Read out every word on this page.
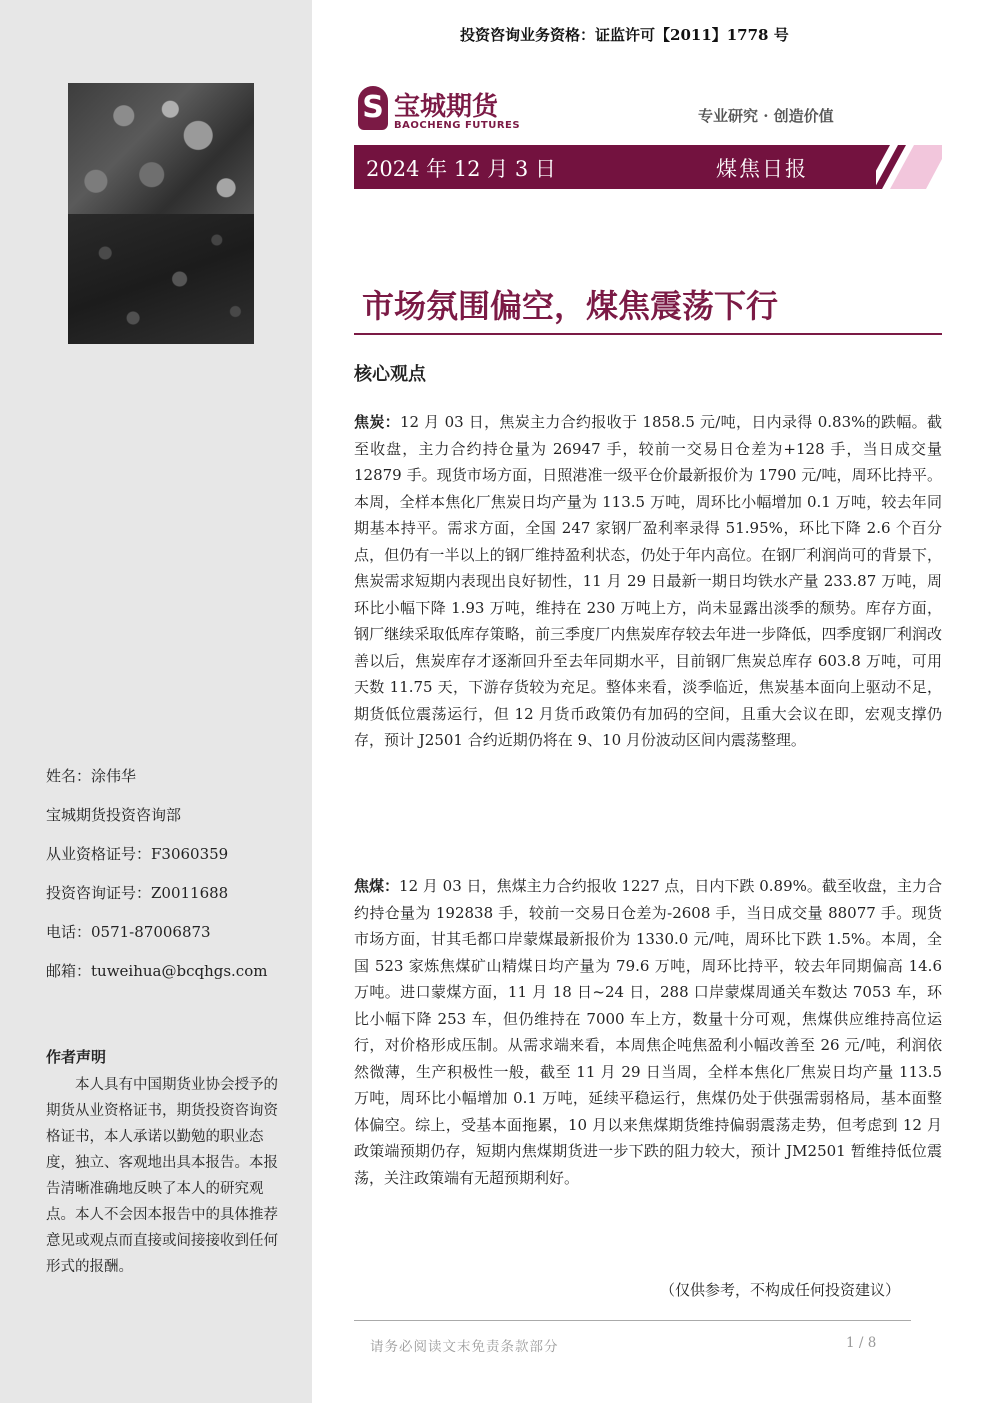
姓名：涂伟华
宝城期货投资咨询部
从业资格证号：F3060359
投资咨询证号：Z0011688
电话：0571-87006873
邮箱：tuweihua@bcqhgs.com
作者声明
本人具有中国期货业协会授予的期货从业资格证书，期货投资咨询资格证书，本人承诺以勤勉的职业态度，独立、客观地出具本报告。本报告清晰准确地反映了本人的研究观点。本人不会因本报告中的具体推荐意见或观点而直接或间接接收到任何形式的报酬。
投资咨询业务资格：证监许可【2011】1778 号
S 宝城期货
BAOCHENG FUTURES
专业研究 · 创造价值
2024 年 12 月 3 日	煤焦日报
市场氛围偏空，煤焦震荡下行
核心观点
焦炭：12 月 03 日，焦炭主力合约报收于 1858.5 元/吨，日内录得 0.83%的跌幅。截至收盘，主力合约持仓量为 26947 手，较前一交易日仓差为+128 手，当日成交量 12879 手。现货市场方面，日照港准一级平仓价最新报价为 1790 元/吨，周环比持平。本周，全样本焦化厂焦炭日均产量为 113.5 万吨，周环比小幅增加 0.1 万吨，较去年同期基本持平。需求方面，全国 247 家钢厂盈利率录得 51.95%，环比下降 2.6 个百分点，但仍有一半以上的钢厂维持盈利状态，仍处于年内高位。在钢厂利润尚可的背景下，焦炭需求短期内表现出良好韧性，11 月 29 日最新一期日均铁水产量 233.87 万吨，周环比小幅下降 1.93 万吨，维持在 230 万吨上方，尚未显露出淡季的颓势。库存方面，钢厂继续采取低库存策略，前三季度厂内焦炭库存较去年进一步降低，四季度钢厂利润改善以后，焦炭库存才逐渐回升至去年同期水平，目前钢厂焦炭总库存 603.8 万吨，可用天数 11.75 天，下游存货较为充足。整体来看，淡季临近，焦炭基本面向上驱动不足，期货低位震荡运行，但 12 月货币政策仍有加码的空间，且重大会议在即，宏观支撑仍存，预计 J2501 合约近期仍将在 9、10 月份波动区间内震荡整理。
焦煤：12 月 03 日，焦煤主力合约报收 1227 点，日内下跌 0.89%。截至收盘，主力合约持仓量为 192838 手，较前一交易日仓差为-2608 手，当日成交量 88077 手。现货市场方面，甘其毛都口岸蒙煤最新报价为 1330.0 元/吨，周环比下跌 1.5%。本周，全国 523 家炼焦煤矿山精煤日均产量为 79.6 万吨，周环比持平，较去年同期偏高 14.6 万吨。进口蒙煤方面，11 月 18 日~24 日，288 口岸蒙煤周通关车数达 7053 车，环比小幅下降 253 车，但仍维持在 7000 车上方，数量十分可观，焦煤供应维持高位运行，对价格形成压制。从需求端来看，本周焦企吨焦盈利小幅改善至 26 元/吨，利润依然微薄，生产积极性一般，截至 11 月 29 日当周，全样本焦化厂焦炭日均产量 113.5 万吨，周环比小幅增加 0.1 万吨，延续平稳运行，焦煤仍处于供强需弱格局，基本面整体偏空。综上，受基本面拖累，10 月以来焦煤期货维持偏弱震荡走势，但考虑到 12 月政策端预期仍存，短期内焦煤期货进一步下跌的阻力较大，预计 JM2501 暂维持低位震荡，关注政策端有无超预期利好。
（仅供参考，不构成任何投资建议）
请务必阅读文末免责条款部分	1 / 8
